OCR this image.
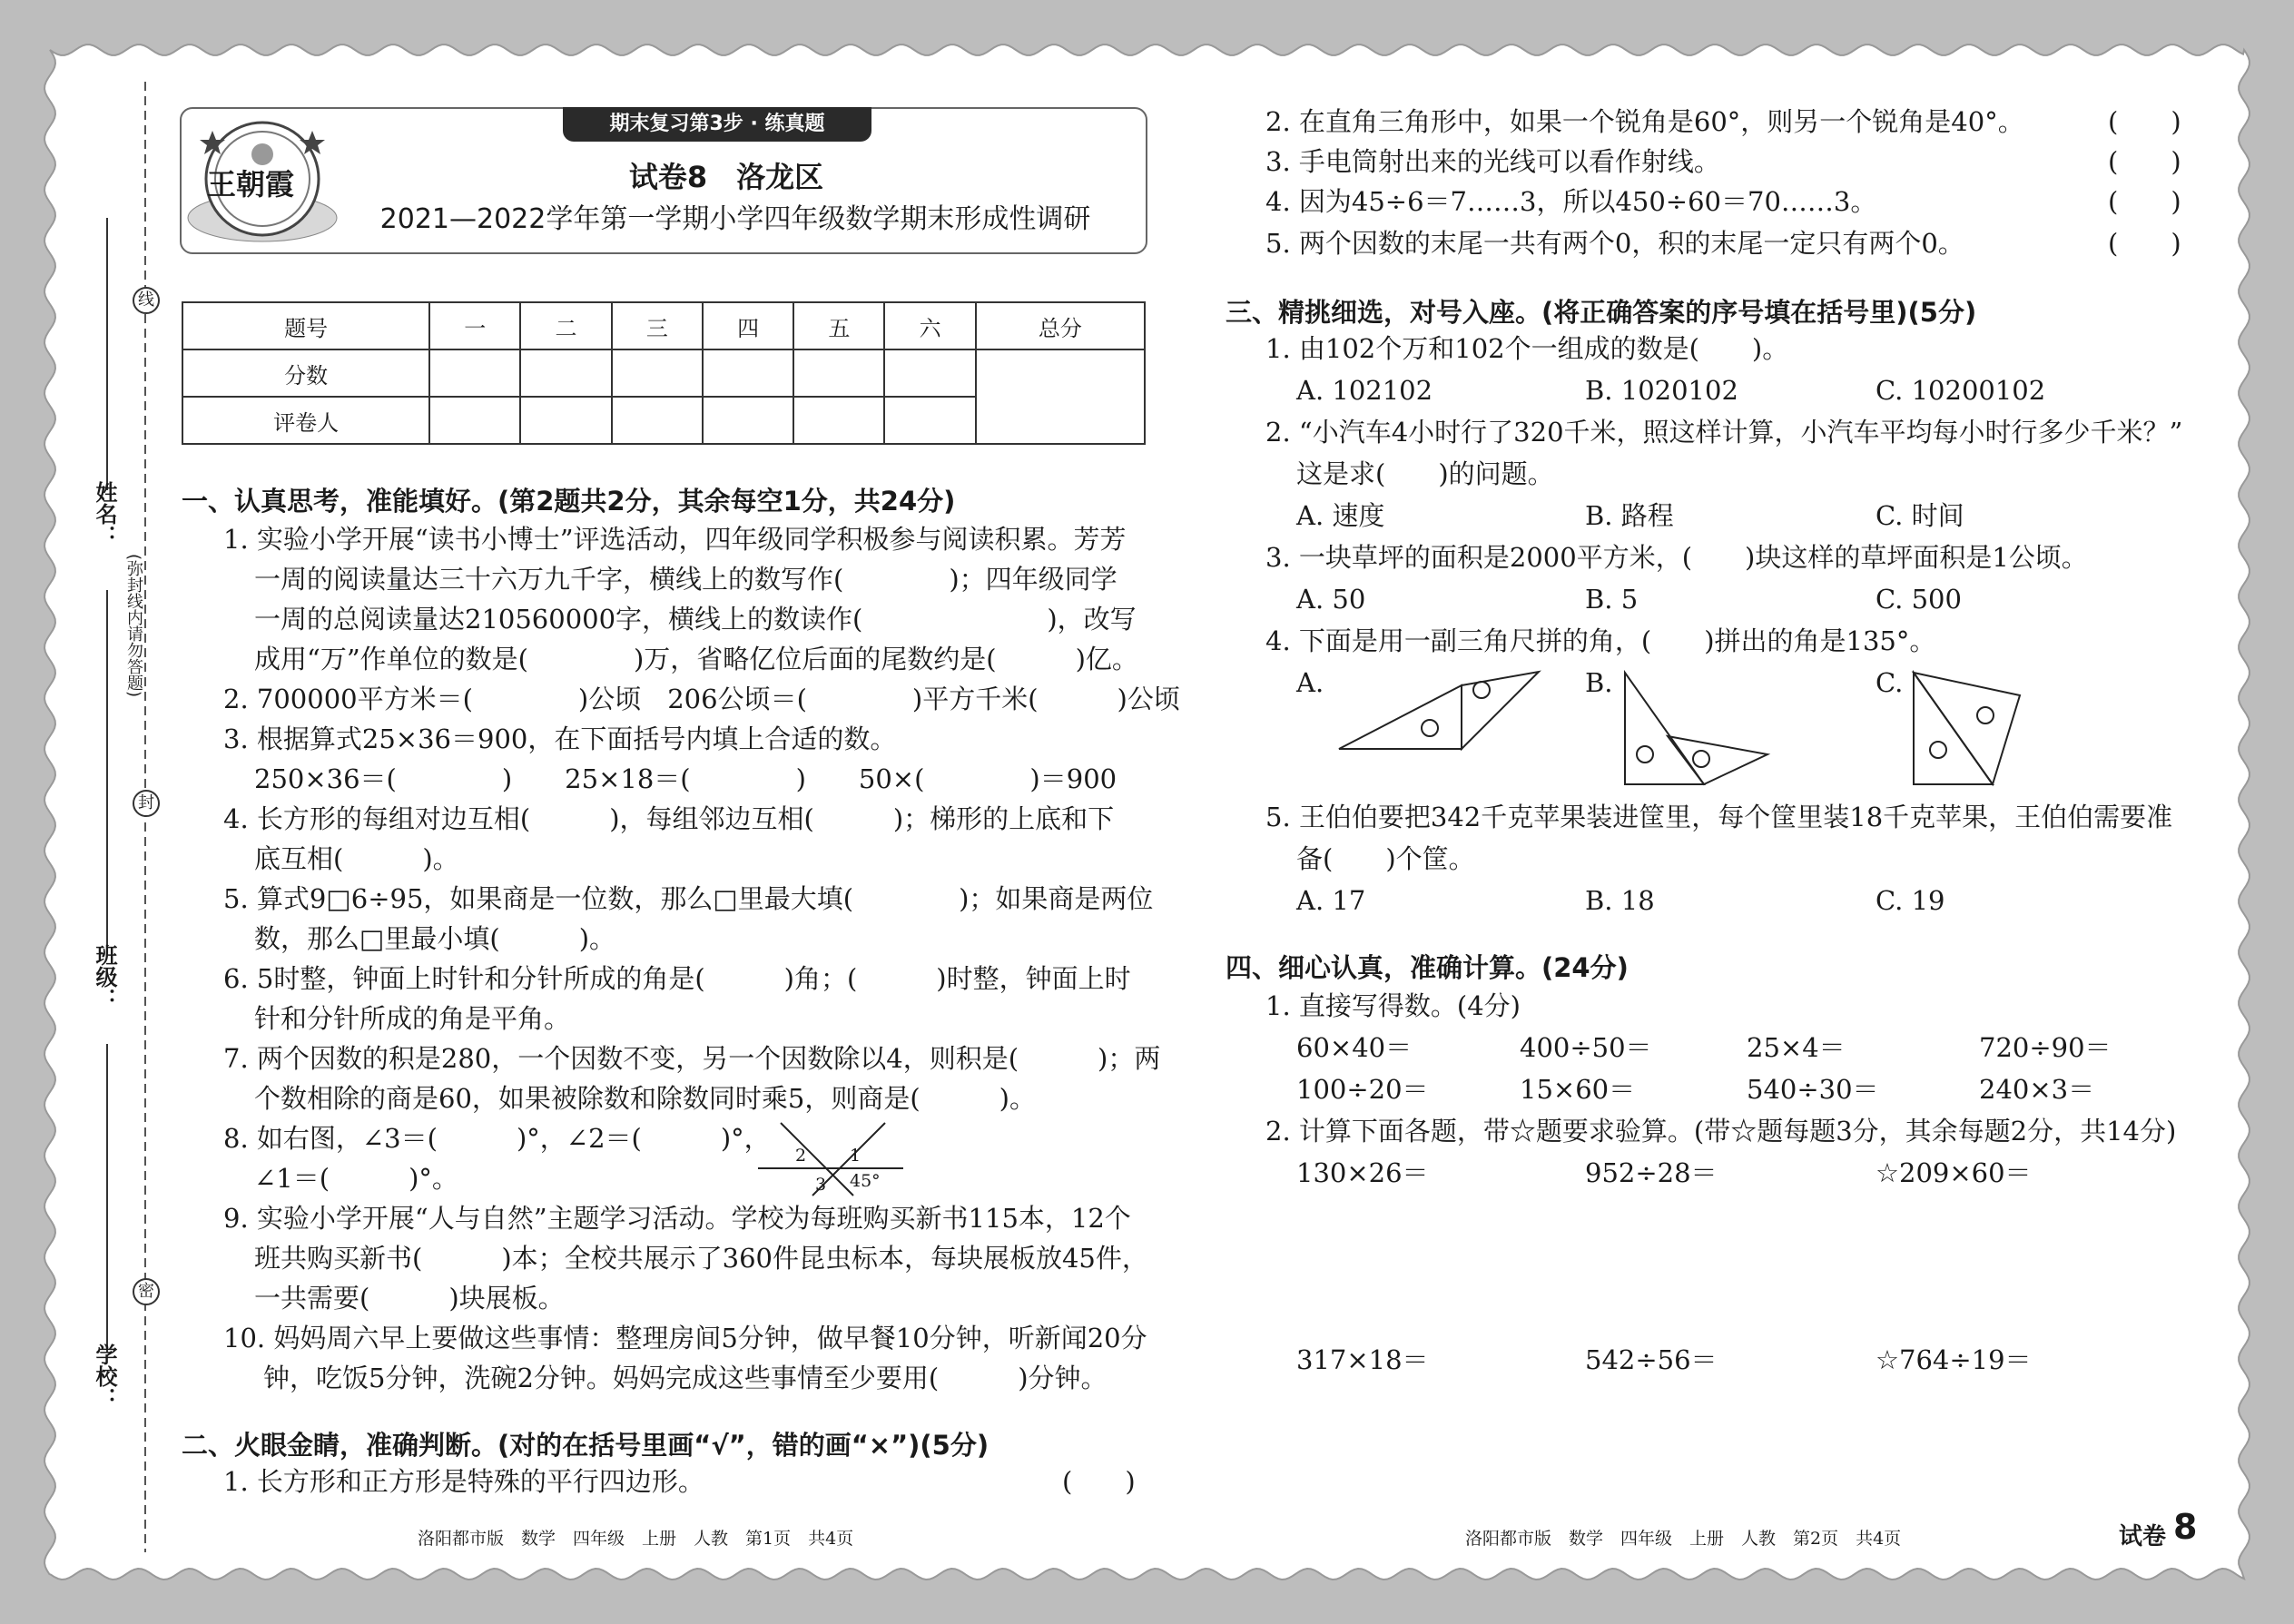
线
封
密
姓名：
班级：
学校：
(弥封线内请勿答题)
期末复习第3步 · 练真题
王朝霞	试卷8　洛龙区
2021—2022学年第一学期小学四年级数学期末形成性调研
题号	一	二	三	四	五	六	总分
分数							
评卷人							
一、认真思考，准能填好。(第2题共2分，其余每空1分，共24分)
1. 实验小学开展“读书小博士”评选活动，四年级同学积极参与阅读积累。芳芳
一周的阅读量达三十六万九千字，横线上的数写作(　　　　)；四年级同学
一周的总阅读量达210560000字，横线上的数读作(　　　　　　　)，改写
成用“万”作单位的数是(　　　　)万，省略亿位后面的尾数约是(　　　)亿。
2. 700000平方米＝(　　　　)公顷　206公顷＝(　　　　)平方千米(　　　)公顷
3. 根据算式25×36＝900，在下面括号内填上合适的数。
250×36＝(　　　　)　　25×18＝(　　　　)　　50×(　　　　)＝900
4. 长方形的每组对边互相(　　　)，每组邻边互相(　　　)；梯形的上底和下
底互相(　　　)。
5. 算式9□6÷95，如果商是一位数，那么□里最大填(　　　　)；如果商是两位
数，那么□里最小填(　　　)。
6. 5时整，钟面上时针和分针所成的角是(　　　)角；(　　　)时整，钟面上时
针和分针所成的角是平角。
7. 两个因数的积是280，一个因数不变，另一个因数除以4，则积是(　　　)；两
个数相除的商是60，如果被除数和除数同时乘5，则商是(　　　)。
8. 如右图，∠3＝(　　　)°，∠2＝(　　　)°，
∠1＝(　　　)°。
9. 实验小学开展“人与自然”主题学习活动。学校为每班购买新书115本，12个
班共购买新书(　　　)本；全校共展示了360件昆虫标本，每块展板放45件，
一共需要(　　　)块展板。
10. 妈妈周六早上要做这些事情：整理房间5分钟，做早餐10分钟，听新闻20分
钟，吃饭5分钟，洗碗2分钟。妈妈完成这些事情至少要用(　　　)分钟。
2	1
3 45°
二、火眼金睛，准确判断。(对的在括号里画“√”，错的画“×”)(5分)
1. 长方形和正方形是特殊的平行四边形。	(　　)
2. 在直角三角形中，如果一个锐角是60°，则另一个锐角是40°。	(　　)
3. 手电筒射出来的光线可以看作射线。	(　　)
4. 因为45÷6＝7……3，所以450÷60＝70……3。	(　　)
5. 两个因数的末尾一共有两个0，积的末尾一定只有两个0。	(　　)
三、精挑细选，对号入座。(将正确答案的序号填在括号里)(5分)
1. 由102个万和102个一组成的数是(　　)。
A. 102102	B. 1020102	C. 10200102
2. “小汽车4小时行了320千米，照这样计算，小汽车平均每小时行多少千米？”
这是求(　　)的问题。
A. 速度	B. 路程	C. 时间
3. 一块草坪的面积是2000平方米，(　　)块这样的草坪面积是1公顷。
A. 50	B. 5	C. 500
4. 下面是用一副三角尺拼的角，(　　)拼出的角是135°。
A.	B.	C.
5. 王伯伯要把342千克苹果装进筐里，每个筐里装18千克苹果，王伯伯需要准
备(　　)个筐。
A. 17	B. 18	C. 19
四、细心认真，准确计算。(24分)
1. 直接写得数。(4分)
60×40＝	400÷50＝	25×4＝	720÷90＝
100÷20＝	15×60＝	540÷30＝	240×3＝
2. 计算下面各题，带☆题要求验算。(带☆题每题3分，其余每题2分，共14分)
130×26＝	952÷28＝	☆209×60＝
317×18＝	542÷56＝	☆764÷19＝
洛阳都市版　数学　四年级　上册　人教　第1页　共4页	洛阳都市版　数学　四年级　上册　人教　第2页　共4页	试卷 8
